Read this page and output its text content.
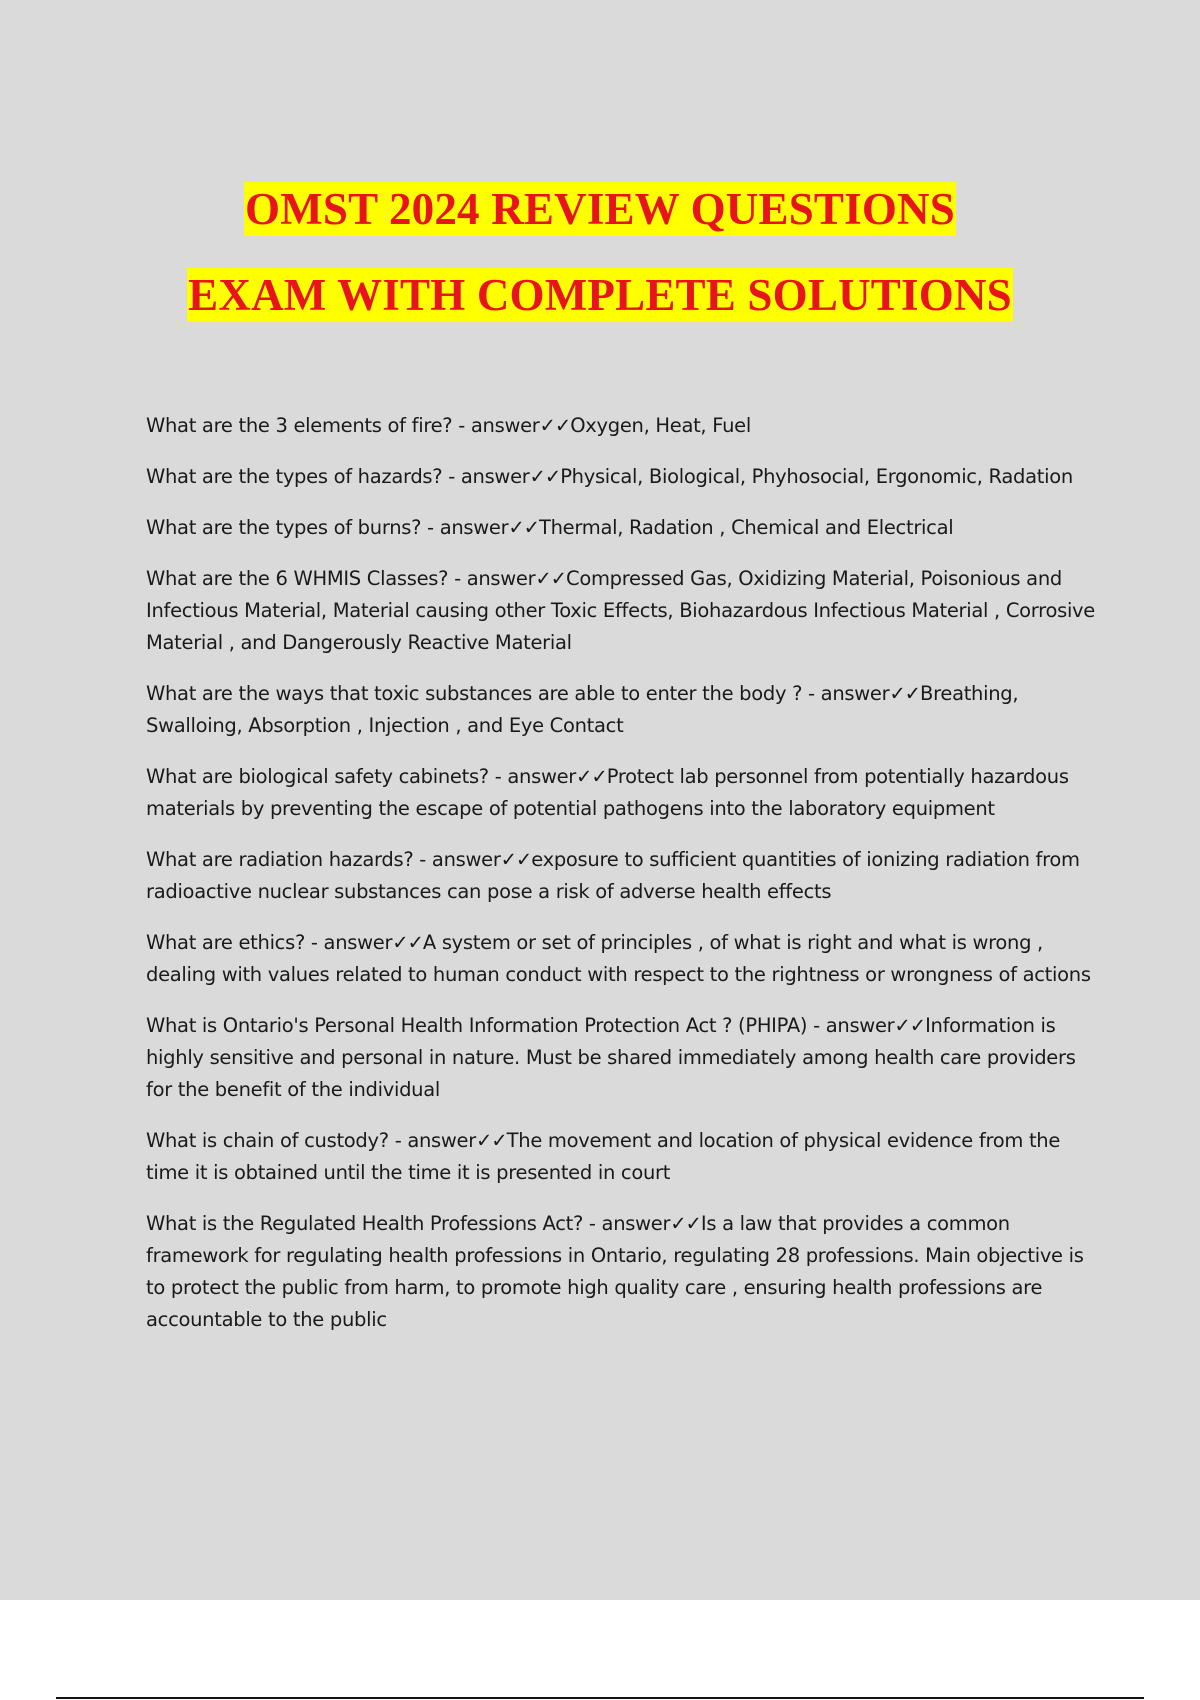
OMST 2024 REVIEW QUESTIONS
EXAM WITH COMPLETE SOLUTIONS
What are the 3 elements of fire? - answer✓✓Oxygen, Heat, Fuel
What are the types of hazards? - answer✓✓Physical, Biological, Phyhosocial, Ergonomic, Radation
What are the types of burns? - answer✓✓Thermal, Radation , Chemical and Electrical
What are the 6 WHMIS Classes? - answer✓✓Compressed Gas, Oxidizing Material, Poisonious and Infectious Material, Material causing other Toxic Effects, Biohazardous Infectious Material , Corrosive Material , and Dangerously Reactive Material
What are the ways that toxic substances are able to enter the body ? - answer✓✓Breathing, Swalloing, Absorption , Injection , and Eye Contact
What are biological safety cabinets? - answer✓✓Protect lab personnel from potentially hazardous materials by preventing the escape of potential pathogens into the laboratory equipment
What are radiation hazards? - answer✓✓exposure to sufficient quantities of ionizing radiation from radioactive nuclear substances can pose a risk of adverse health effects
What are ethics? - answer✓✓A system or set of principles , of what is right and what is wrong , dealing with values related to human conduct with respect to the rightness or wrongness of actions
What is Ontario's Personal Health Information Protection Act ? (PHIPA) - answer✓✓Information is highly sensitive and personal in nature. Must be shared immediately among health care providers for the benefit of the individual
What is chain of custody? - answer✓✓The movement and location of physical evidence from the time it is obtained until the time it is presented in court
What is the Regulated Health Professions Act? - answer✓✓Is a law that provides a common framework for regulating health professions in Ontario, regulating 28 professions. Main objective is to protect the public from harm, to promote high quality care , ensuring health professions are accountable to the public
